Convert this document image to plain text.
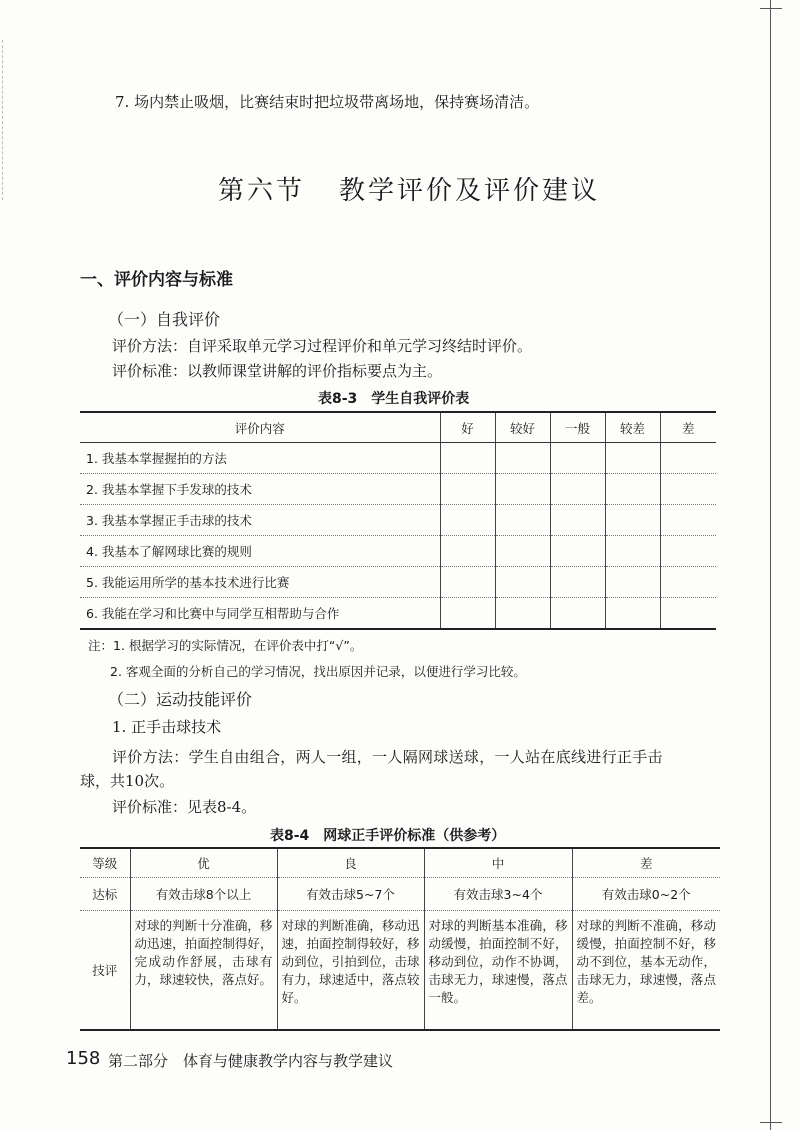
7. 场内禁止吸烟，比赛结束时把垃圾带离场地，保持赛场清洁。
第六节 教学评价及评价建议
一、评价内容与标准
（一）自我评价
评价方法：自评采取单元学习过程评价和单元学习终结时评价。
评价标准：以教师课堂讲解的评价指标要点为主。
表8-3　学生自我评价表
评价内容	好	较好	一般	较差	差
1. 我基本掌握握拍的方法					
2. 我基本掌握下手发球的技术					
3. 我基本掌握正手击球的技术					
4. 我基本了解网球比赛的规则					
5. 我能运用所学的基本技术进行比赛					
6. 我能在学习和比赛中与同学互相帮助与合作					
注：1. 根据学习的实际情况，在评价表中打“√”。
2. 客观全面的分析自己的学习情况，找出原因并记录，以便进行学习比较。
（二）运动技能评价
1. 正手击球技术
评价方法：学生自由组合，两人一组，一人隔网球送球，一人站在底线进行正手击
球，共10次。
评价标准：见表8-4。
表8-4　网球正手评价标准（供参考）
等级	优	良	中	差
达标	有效击球8个以上	有效击球5~7个	有效击球3~4个	有效击球0~2个
技评	对球的判断十分准确，移动迅速，拍面控制得好，完成动作舒展，击球有力，球速较快，落点好。	对球的判断准确，移动迅速，拍面控制得较好，移动到位，引拍到位，击球有力，球速适中，落点较好。	对球的判断基本准确，移动缓慢，拍面控制不好，移动到位，动作不协调，击球无力，球速慢，落点一般。	对球的判断不准确，移动缓慢，拍面控制不好，移动不到位，基本无动作，击球无力，球速慢，落点差。
158 第二部分　体育与健康教学内容与教学建议
